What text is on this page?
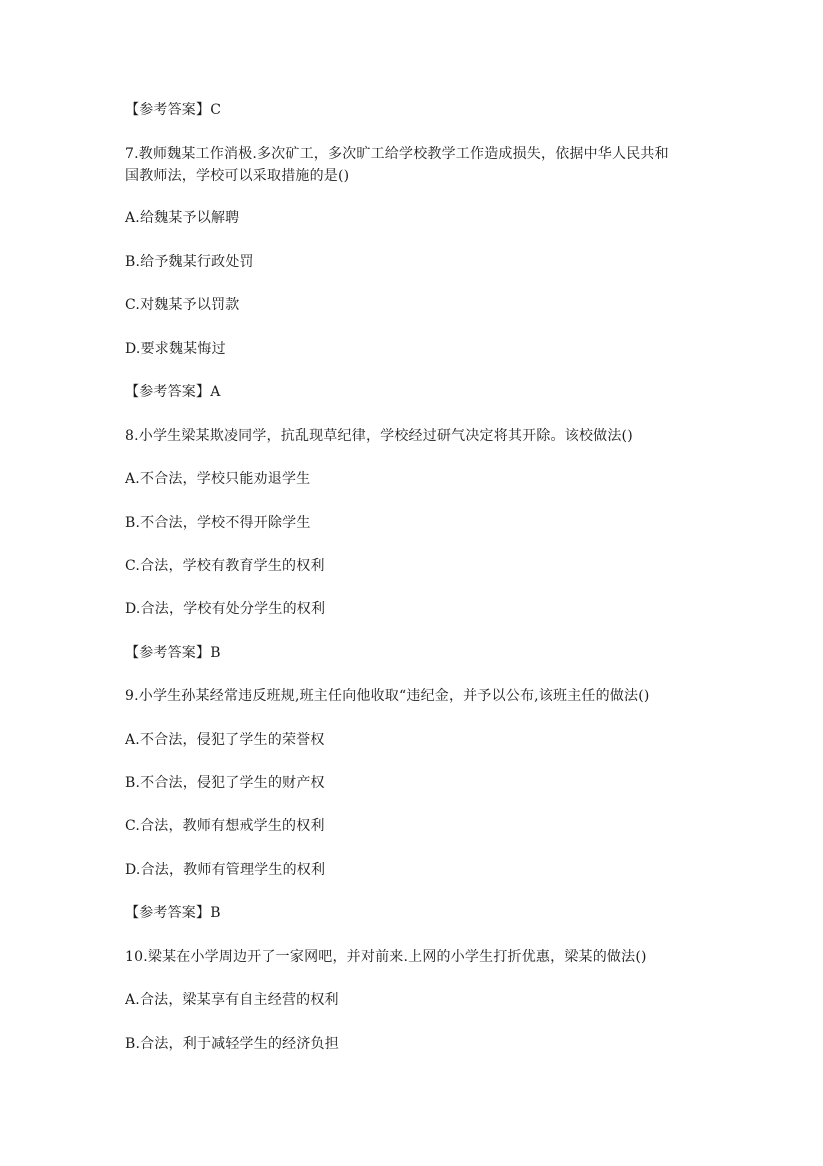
【参考答案】C
7.教师魏某工作消极.多次矿工，多次旷工给学校教学工作造成损失，依据中华人民共和
国教师法，学校可以采取措施的是()
A.给魏某予以解聘
B.给予魏某行政处罚
C.对魏某予以罚款
D.要求魏某悔过
【参考答案】A
8.小学生梁某欺凌同学，抗乱现草纪律，学校经过研气决定将其开除。该校做法()
A.不合法，学校只能劝退学生
B.不合法，学校不得开除学生
C.合法，学校有教育学生的权利
D.合法，学校有处分学生的权利
【参考答案】B
9.小学生孙某经常违反班规,班主任向他收取“违纪金，并予以公布,该班主任的做法()
A.不合法，侵犯了学生的荣誉权
B.不合法，侵犯了学生的财产权
C.合法，教师有想戒学生的权利
D.合法，教师有管理学生的权利
【参考答案】B
10.梁某在小学周边开了一家网吧，并对前来.上网的小学生打折优惠，梁某的做法()
A.合法，梁某享有自主经营的权利
B.合法，利于减轻学生的经济负担
